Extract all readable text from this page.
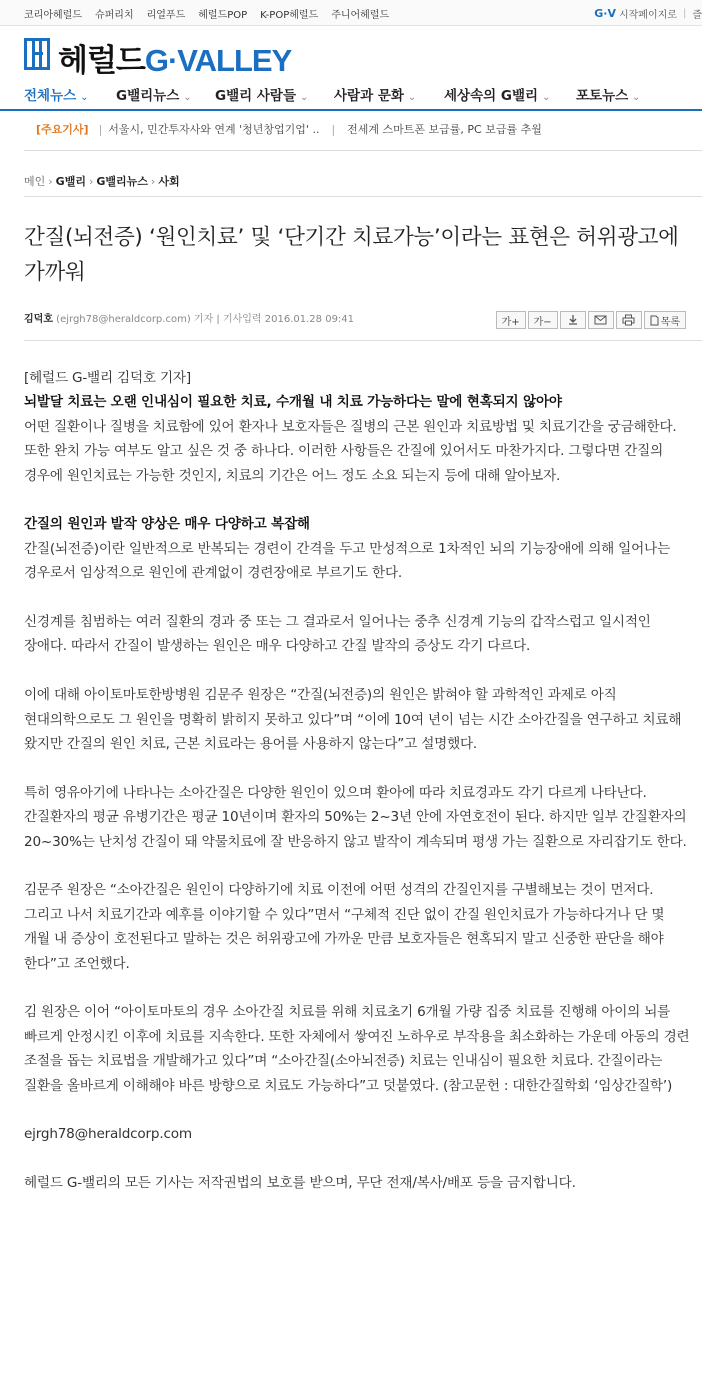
코리아헤럴드 슈퍼리치 리얼푸드 헤럴드POP K-POP헤럴드 주니어헤럴드	G·V 시작페이지로 | 즐
헤럴드G·VALLEY
전체뉴스 ⌄ G밸리뉴스 ⌄ G밸리 사람들 ⌄ 사람과 문화 ⌄ 세상속의 G밸리 ⌄ 포토뉴스 ⌄
[주요기사] | 서울시, 민간투자사와 연계 '청년창업기업' .. | 전세계 스마트폰 보급률, PC 보급률 추월
메인 › G밸리 › G밸리뉴스 › 사회
간질(뇌전증) ‘원인치료’ 및 ‘단기간 치료가능’이라는 표현은 허위광고에 가까워
김덕호 (ejrgh78@heraldcorp.com) 기자 | 기사입력 2016.01.28 09:41	가+	가−	목록

[헤럴드 G-밸리 김덕호 기자]

뇌발달 치료는 오랜 인내심이 필요한 치료, 수개월 내 치료 가능하다는 말에 현혹되지 않아야

어떤 질환이나 질병을 치료함에 있어 환자나 보호자들은 질병의 근본 원인과 치료방법 및 치료기간을 궁금해한다. 또한 완치 가능 여부도 알고 싶은 것 중 하나다. 이러한 사항들은 간질에 있어서도 마찬가지다. 그렇다면 간질의 경우에 원인치료는 가능한 것인지, 치료의 기간은 어느 정도 소요 되는지 등에 대해 알아보자.

간질의 원인과 발작 양상은 매우 다양하고 복잡해

간질(뇌전증)이란 일반적으로 반복되는 경련이 간격을 두고 만성적으로 1차적인 뇌의 기능장애에 의해 일어나는 경우로서 임상적으로 원인에 관계없이 경련장애로 부르기도 한다.

신경계를 침범하는 여러 질환의 경과 중 또는 그 결과로서 일어나는 중추 신경계 기능의 갑작스럽고 일시적인 장애다. 따라서 간질이 발생하는 원인은 매우 다양하고 간질 발작의 증상도 각기 다르다.

이에 대해 아이토마토한방병원 김문주 원장은 “간질(뇌전증)의 원인은 밝혀야 할 과학적인 과제로 아직 현대의학으로도 그 원인을 명확히 밝히지 못하고 있다”며 “이에 10여 년이 넘는 시간 소아간질을 연구하고 치료해 왔지만 간질의 원인 치료, 근본 치료라는 용어를 사용하지 않는다”고 설명했다.

특히 영유아기에 나타나는 소아간질은 다양한 원인이 있으며 환아에 따라 치료경과도 각기 다르게 나타난다. 간질환자의 평균 유병기간은 평균 10년이며 환자의 50%는 2~3년 안에 자연호전이 된다. 하지만 일부 간질환자의 20~30%는 난치성 간질이 돼 약물치료에 잘 반응하지 않고 발작이 계속되며 평생 가는 질환으로 자리잡기도 한다.

김문주 원장은 “소아간질은 원인이 다양하기에 치료 이전에 어떤 성격의 간질인지를 구별해보는 것이 먼저다. 그리고 나서 치료기간과 예후를 이야기할 수 있다”면서 “구체적 진단 없이 간질 원인치료가 가능하다거나 단 몇 개월 내 증상이 호전된다고 말하는 것은 허위광고에 가까운 만큼 보호자들은 현혹되지 말고 신중한 판단을 해야 한다”고 조언했다.

김 원장은 이어 “아이토마토의 경우 소아간질 치료를 위해 치료초기 6개월 가량 집중 치료를 진행해 아이의 뇌를 빠르게 안정시킨 이후에 치료를 지속한다. 또한 자체에서 쌓여진 노하우로 부작용을 최소화하는 가운데 아동의 경련 조절을 돕는 치료법을 개발해가고 있다”며 “소아간질(소아뇌전증) 치료는 인내심이 필요한 치료다. 간질이라는 질환을 올바르게 이해해야 바른 방향으로 치료도 가능하다”고 덧붙였다. (참고문헌 : 대한간질학회 ‘임상간질학’)

ejrgh78@heraldcorp.com

헤럴드 G-밸리의 모든 기사는 저작권법의 보호를 받으며, 무단 전재/복사/배포 등을 금지합니다.
